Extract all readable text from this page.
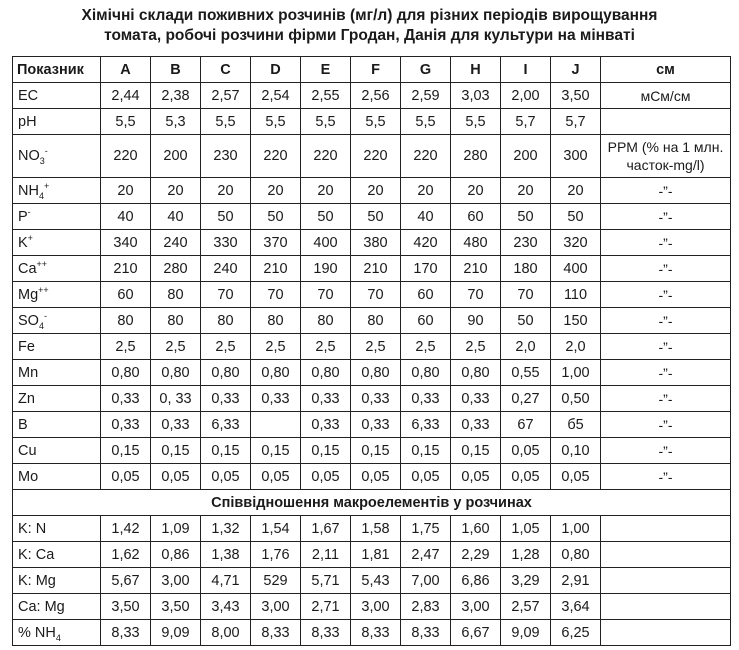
Хімічні склади поживних розчинів (мг/л) для різних періодів вирощування
томата, робочі розчини фірми Гродан, Данія для культури на мінваті
Показник	A	B	C	D	E	F	G	H	I	J	см
EC	2,44	2,38	2,57	2,54	2,55	2,56	2,59	3,03	2,00	3,50	мСм/см
pH	5,5	5,3	5,5	5,5	5,5	5,5	5,5	5,5	5,7	5,7	
$NO_3^-$	220	200	230	220	220	220	220	280	200	300	PPM (% на 1 млн. часток-mg/l)
$NH_4^+$	20	20	20	20	20	20	20	20	20	20	-”-
P-	40	40	50	50	50	50	40	60	50	50	-”-
K+	340	240	330	370	400	380	420	480	230	320	-”-
Ca++	210	280	240	210	190	210	170	210	180	400	-”-
Mg++	60	80	70	70	70	70	60	70	70	110	-”-
$SO_4^-$	80	80	80	80	80	80	60	90	50	150	-”-
Fe	2,5	2,5	2,5	2,5	2,5	2,5	2,5	2,5	2,0	2,0	-”-
Mn	0,80	0,80	0,80	0,80	0,80	0,80	0,80	0,80	0,55	1,00	-”-
Zn	0,33	0, 33	0,33	0,33	0,33	0,33	0,33	0,33	0,27	0,50	-”-
B	0,33	0,33	6,33		0,33	0,33	6,33	0,33	67	б5	-”-
Cu	0,15	0,15	0,15	0,15	0,15	0,15	0,15	0,15	0,05	0,10	-”-
Mo	0,05	0,05	0,05	0,05	0,05	0,05	0,05	0,05	0,05	0,05	-”-
Співвідношення макроелементів у розчинах											
K: N	1,42	1,09	1,32	1,54	1,67	1,58	1,75	1,60	1,05	1,00	
K: Ca	1,62	0,86	1,38	1,76	2,11	1,81	2,47	2,29	1,28	0,80	
K: Mg	5,67	3,00	4,71	529	5,71	5,43	7,00	6,86	3,29	2,91	
Ca: Mg	3,50	3,50	3,43	3,00	2,71	3,00	2,83	3,00	2,57	3,64	
% $NH_4$	8,33	9,09	8,00	8,33	8,33	8,33	8,33	6,67	9,09	6,25	
